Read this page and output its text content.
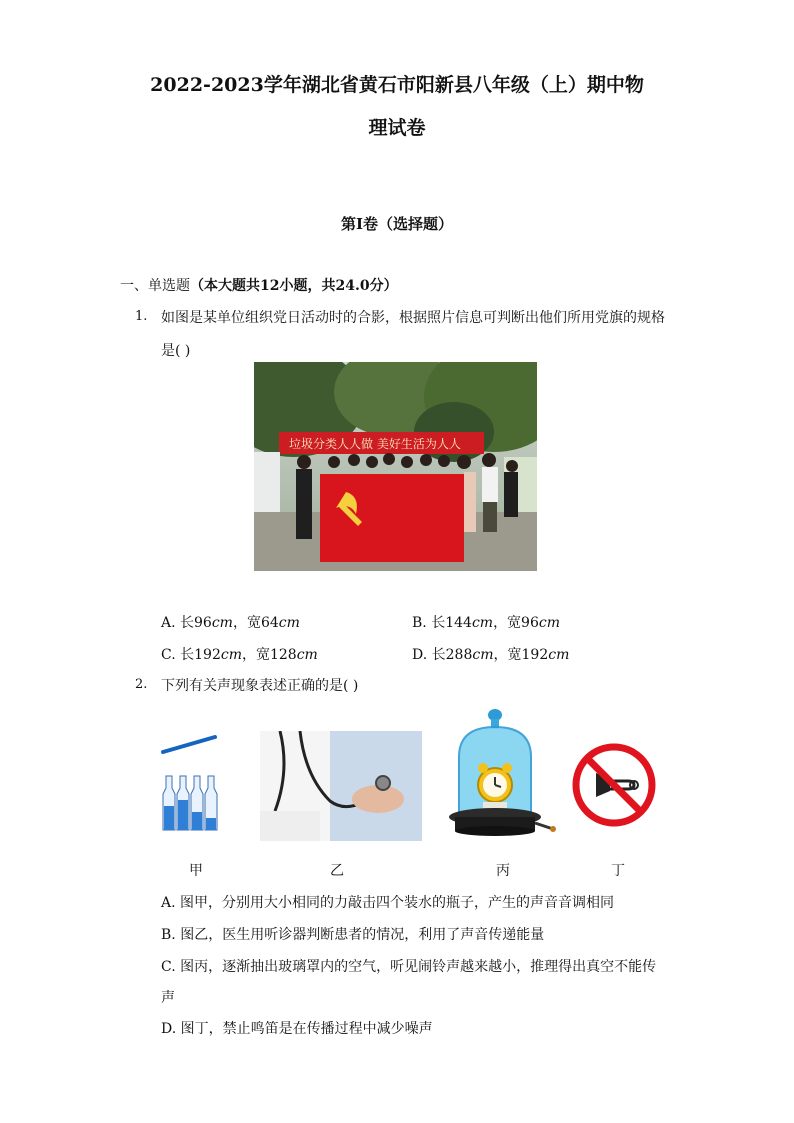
2022-2023学年湖北省黄石市阳新县八年级（上）期中物
理试卷
第I卷（选择题）
一、单选题（本大题共12小题，共24.0分）
1. 如图是某单位组织党日活动时的合影，根据照片信息可判断出他们所用党旗的规格
是( )
垃圾分类人人做 美好生活为人人
A. 长96cm，宽64cm	B. 长144cm，宽96cm
C. 长192cm，宽128cm	D. 长288cm，宽192cm
2. 下列有关声现象表述正确的是( )
甲	乙	丙	丁
A. 图甲，分别用大小相同的力敲击四个装水的瓶子，产生的声音音调相同
B. 图乙，医生用听诊器判断患者的情况，利用了声音传递能量
C. 图丙，逐渐抽出玻璃罩内的空气，听见闹铃声越来越小，推理得出真空不能传
声
D. 图丁，禁止鸣笛是在传播过程中减少噪声
